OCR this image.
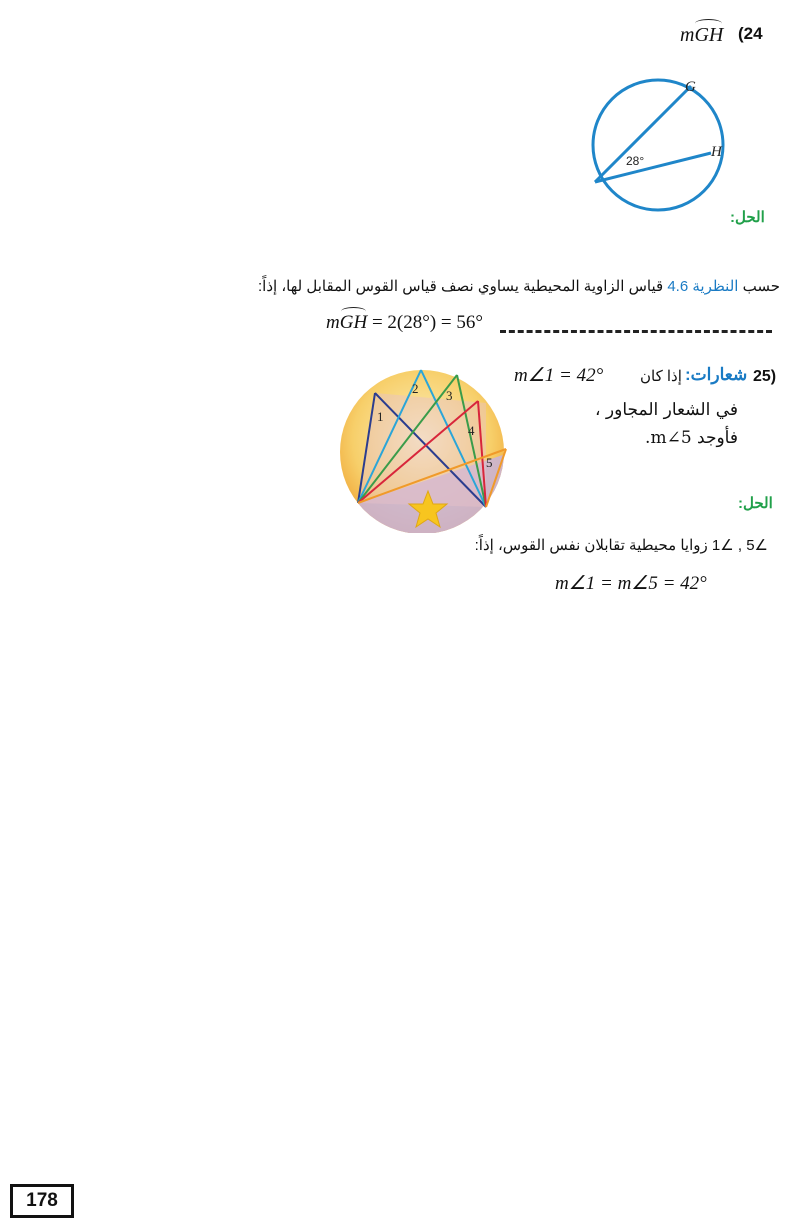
(24
mGH
G
H
28°
الحل:
حسب النظرية 4.6 قياس الزاوية المحيطية يساوي نصف قياس القوس المقابل لها، إذاً:
mGH = 2(28°) = 56°
25)
شعارات:
إذا كان
m∠1 = 42°
في الشعار المجاور ،
فأوجد m∠5.
1
2 3
4
5
الحل:
∠5 , ∠1 زوايا محيطية تقابلان نفس القوس، إذاً:
m∠1 = m∠5 = 42°
178
